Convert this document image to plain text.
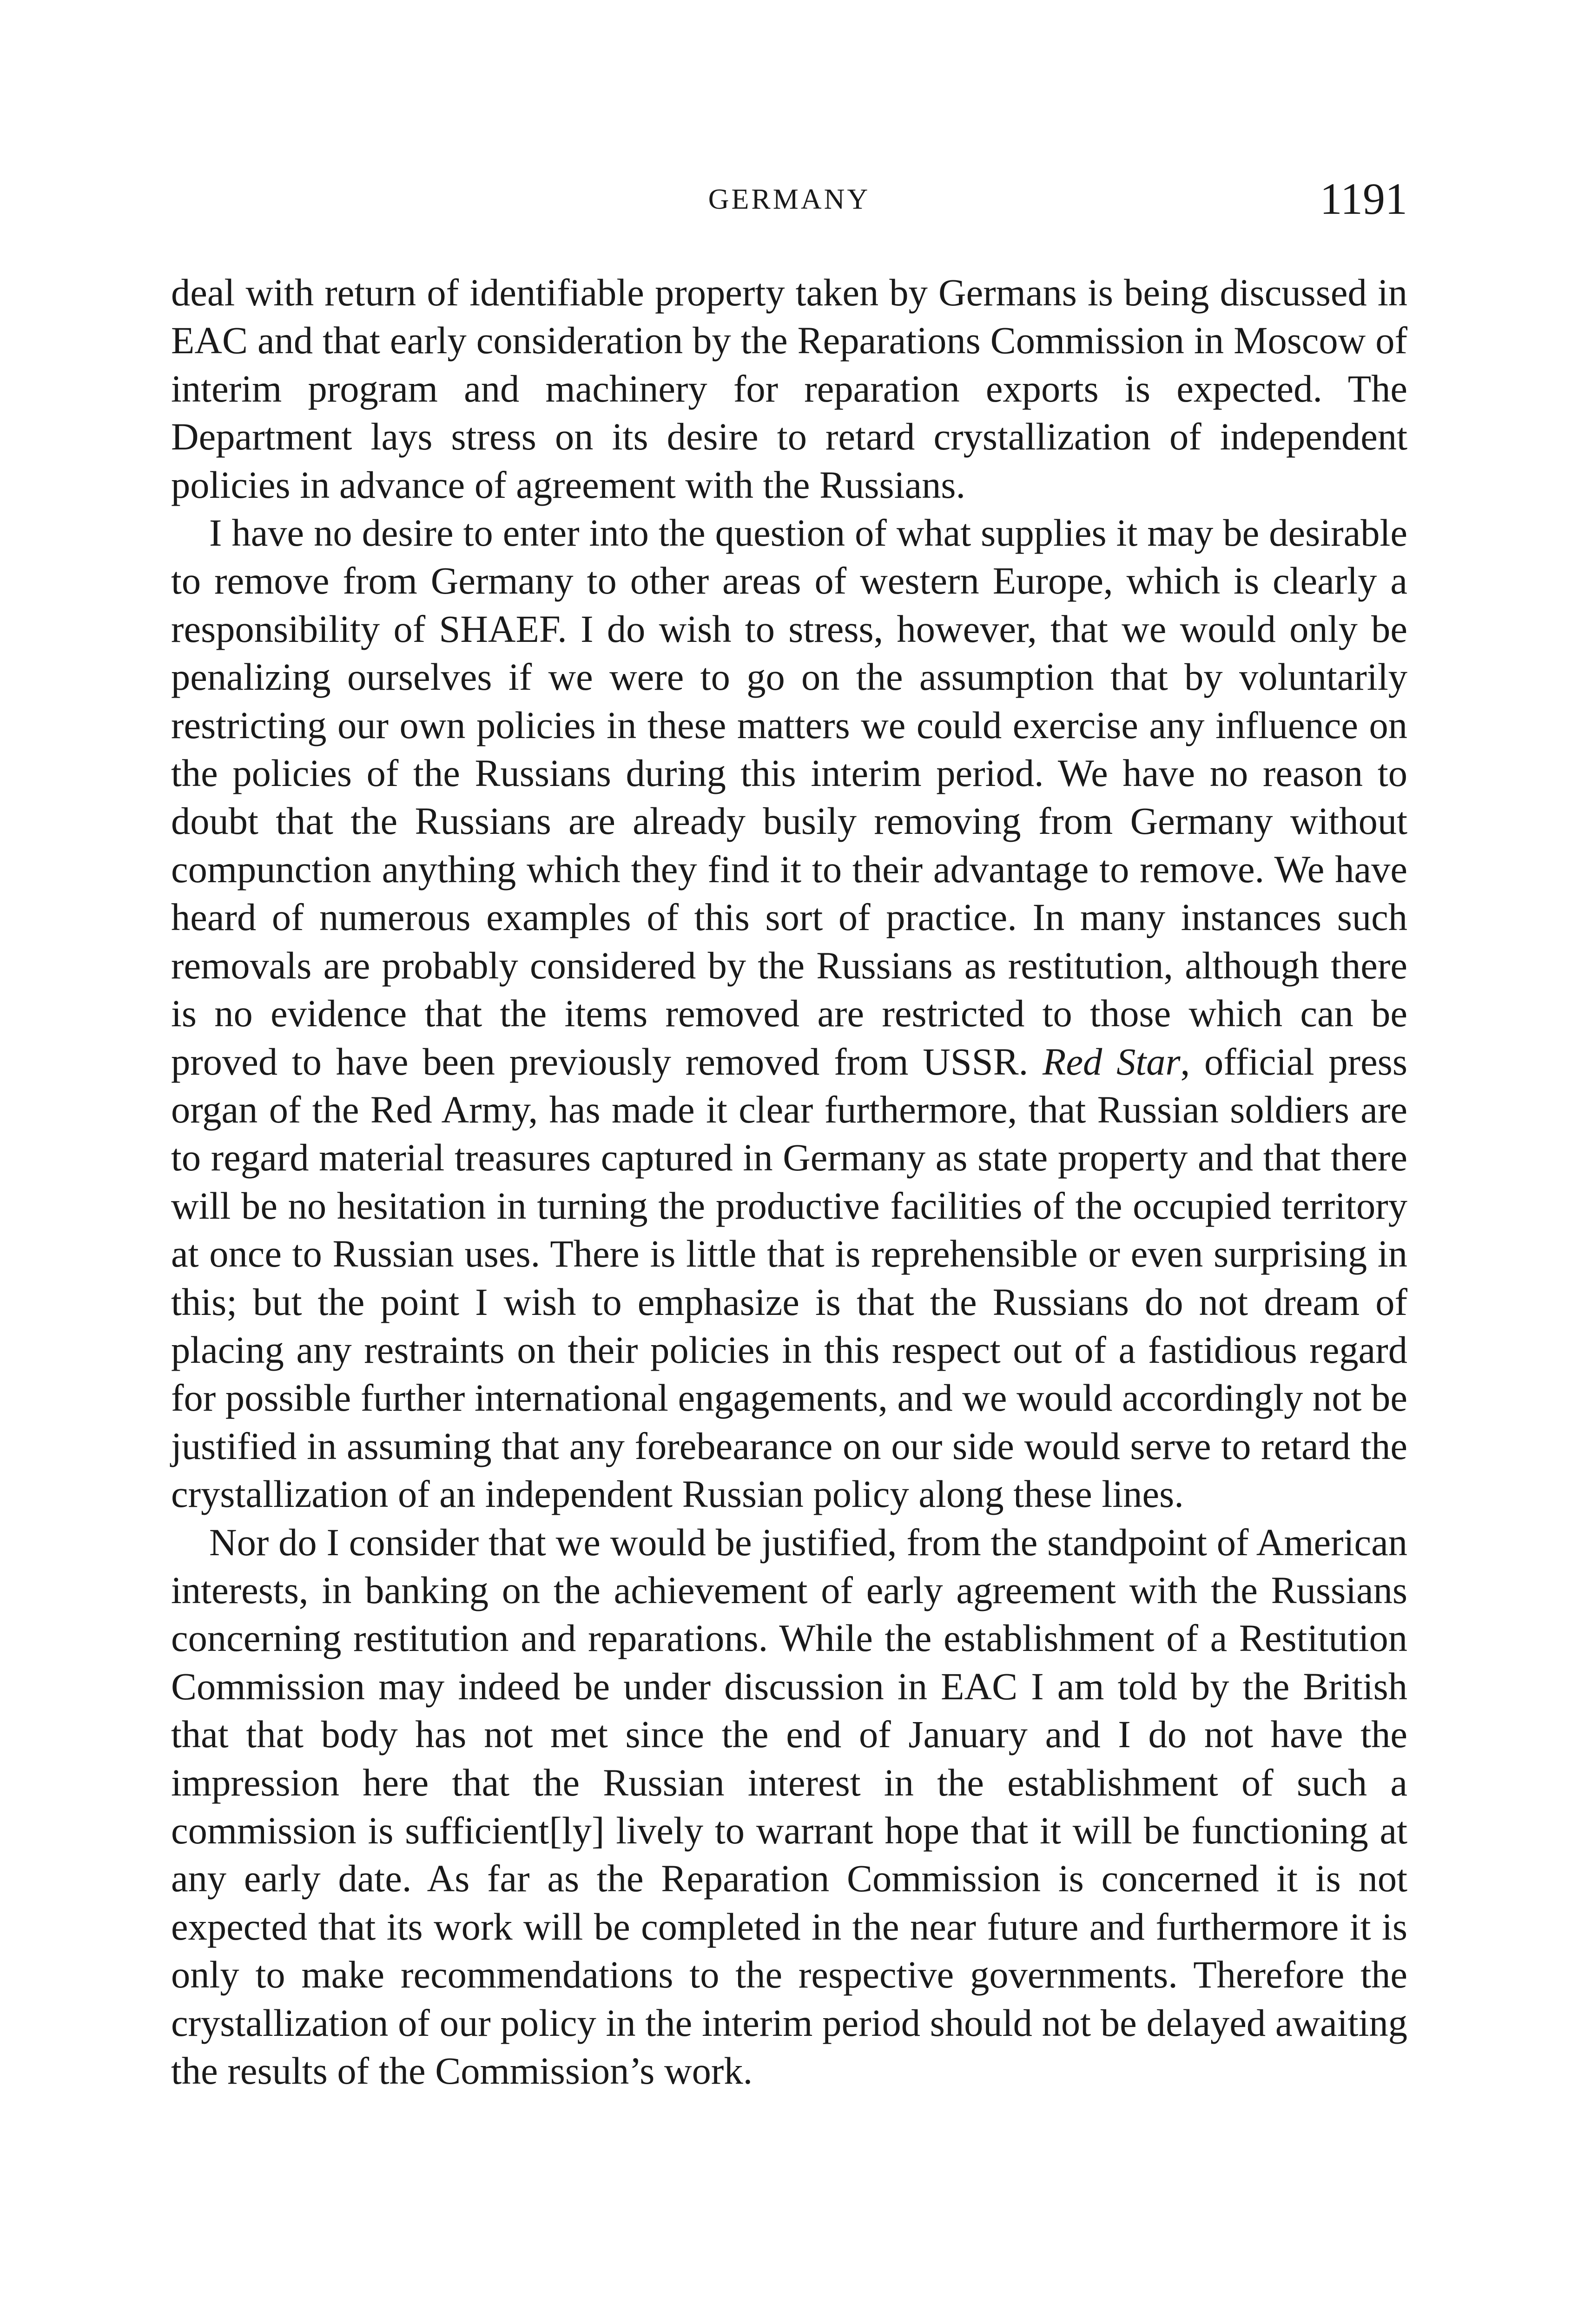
GERMANY	1191

deal with return of identifiable property taken by Germans is being discussed in EAC and that early consideration by the Reparations Commission in Moscow of interim program and machinery for reparation exports is expected. The Department lays stress on its desire to retard crystallization of independent policies in advance of agreement with the Russians.

I have no desire to enter into the question of what supplies it may be desirable to remove from Germany to other areas of western Europe, which is clearly a responsibility of SHAEF. I do wish to stress, however, that we would only be penalizing ourselves if we were to go on the assumption that by voluntarily restricting our own policies in these matters we could exercise any influence on the policies of the Russians during this interim period. We have no reason to doubt that the Russians are already busily removing from Germany without compunction anything which they find it to their advantage to remove. We have heard of numerous examples of this sort of practice. In many instances such removals are probably considered by the Russians as restitution, although there is no evidence that the items removed are restricted to those which can be proved to have been previously removed from USSR. Red Star, official press organ of the Red Army, has made it clear furthermore, that Russian soldiers are to regard material treasures captured in Germany as state property and that there will be no hesitation in turning the productive facilities of the occupied territory at once to Russian uses. There is little that is reprehensible or even surprising in this; but the point I wish to emphasize is that the Russians do not dream of placing any restraints on their policies in this respect out of a fastidious regard for possible further international engagements, and we would accordingly not be justified in assuming that any forebearance on our side would serve to retard the crystallization of an independent Russian policy along these lines.

Nor do I consider that we would be justified, from the standpoint of American interests, in banking on the achievement of early agreement with the Russians concerning restitution and reparations. While the establishment of a Restitution Commission may indeed be under discussion in EAC I am told by the British that that body has not met since the end of January and I do not have the impression here that the Russian interest in the establishment of such a commission is sufficient[ly] lively to warrant hope that it will be functioning at any early date. As far as the Reparation Commission is concerned it is not expected that its work will be completed in the near future and furthermore it is only to make recommendations to the respective governments. Therefore the crystallization of our policy in the interim period should not be delayed awaiting the results of the Commission’s work.
